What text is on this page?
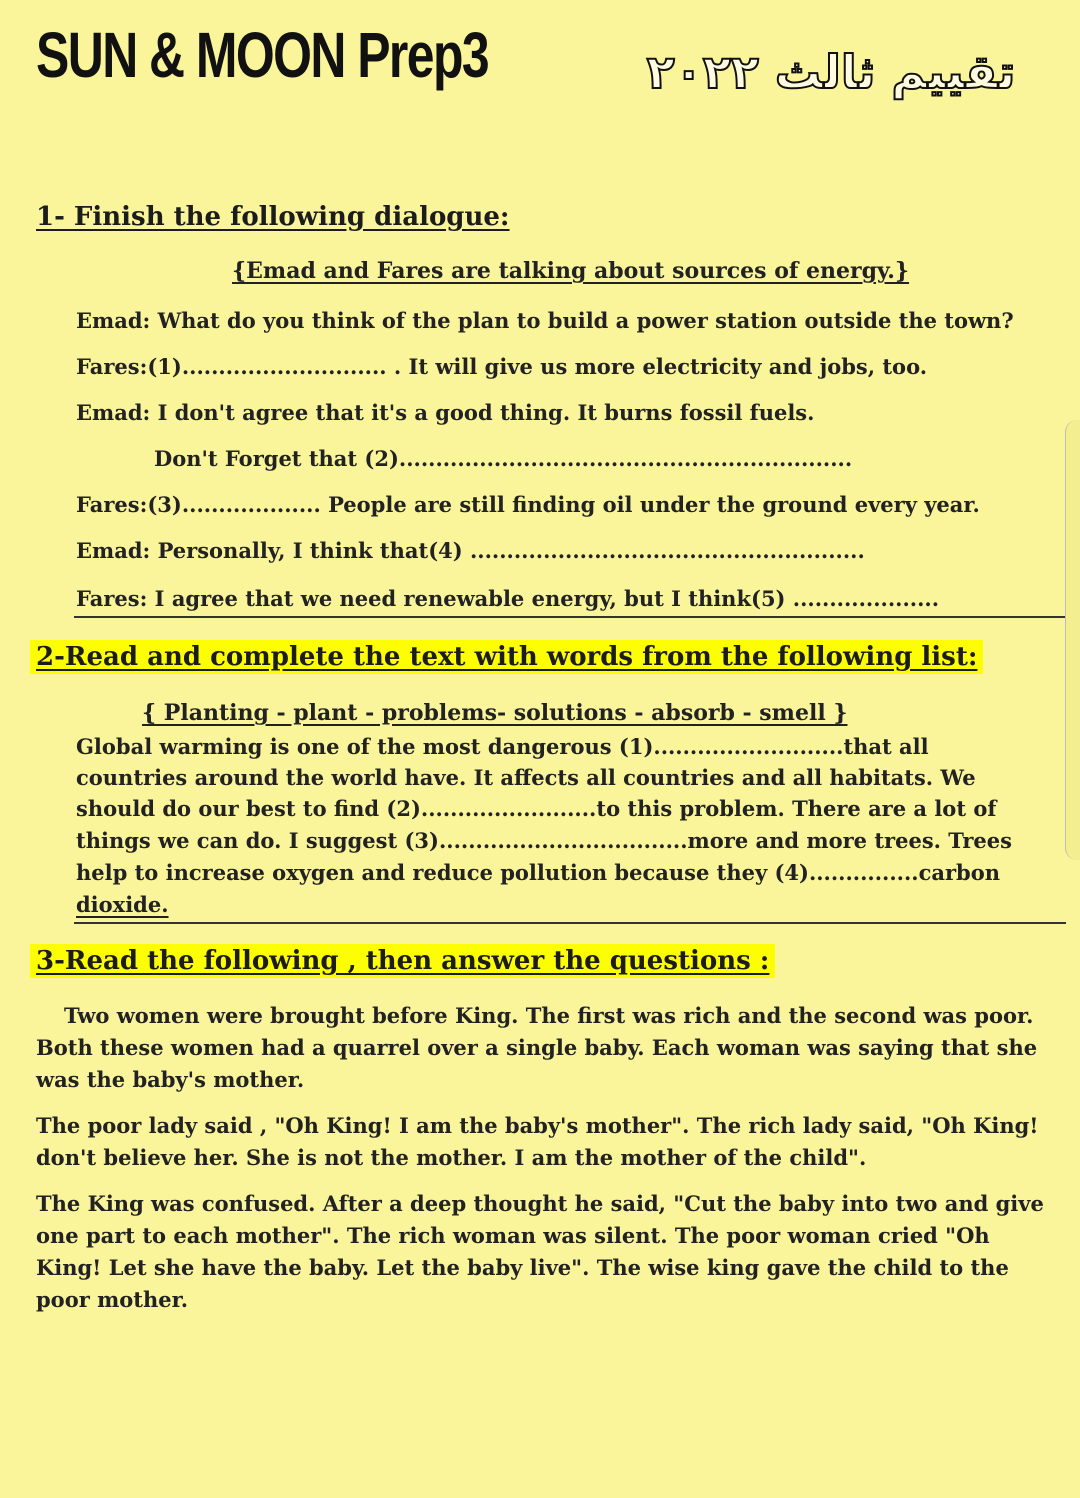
SUN & MOON Prep3	تقييم ثالث ٢٠٢٢
1- Finish the following dialogue:
{Emad and Fares are talking about sources of energy.}
Emad: What do you think of the plan to build a power station outside the town?
Fares:(1)............................ . It will give us more electricity and jobs, too.
Emad: I don't agree that it's a good thing. It burns fossil fuels.
Don't Forget that (2)..............................................................
Fares:(3)................... People are still finding oil under the ground every year.
Emad: Personally, I think that(4) ......................................................
Fares: I agree that we need renewable energy, but I think(5) ....................
2-Read and complete the text with words from the following list:
{ Planting - plant - problems- solutions - absorb - smell }
Global warming is one of the most dangerous (1)..........................that all
countries around the world have. It affects all countries and all habitats. We
should do our best to find (2)........................to this problem. There are a lot of
things we can do. I suggest (3)..................................more and more trees. Trees
help to increase oxygen and reduce pollution because they (4)...............carbon
dioxide.
3-Read the following , then answer the questions :

Two women were brought before King. The first was rich and the second was poor. Both these women had a quarrel over a single baby. Each woman was saying that she was the baby's mother.

The poor lady said , "Oh King! I am the baby's mother". The rich lady said, "Oh King! don't believe her. She is not the mother. I am the mother of the child".

The King was confused. After a deep thought he said, "Cut the baby into two and give one part to each mother". The rich woman was silent. The poor woman cried "Oh King! Let she have the baby. Let the baby live". The wise king gave the child to the poor mother.
